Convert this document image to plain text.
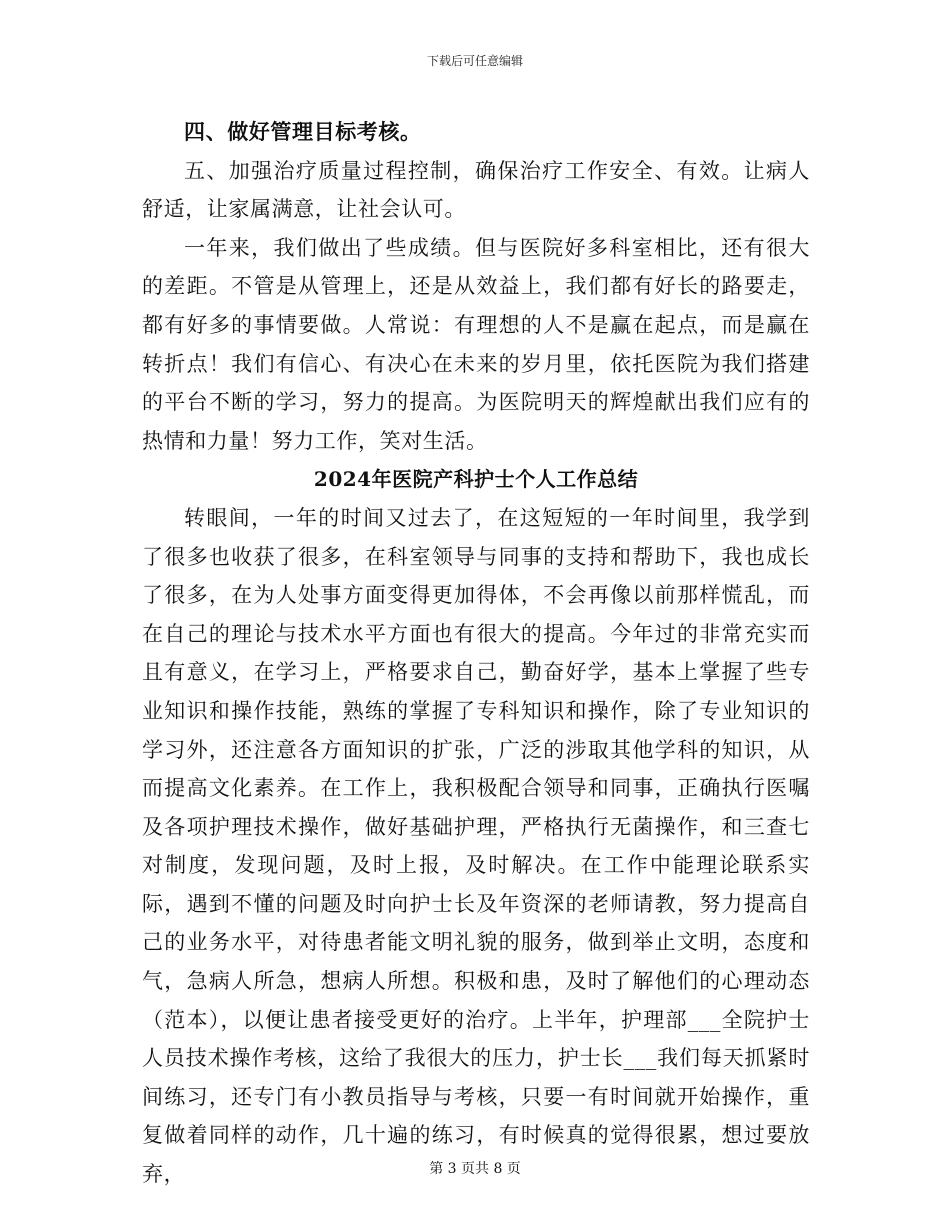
下载后可任意编辑

四、做好管理目标考核。

五、加强治疗质量过程控制，确保治疗工作安全、有效。让病人舒适，让家属满意，让社会认可。

一年来，我们做出了些成绩。但与医院好多科室相比，还有很大的差距。不管是从管理上，还是从效益上，我们都有好长的路要走，都有好多的事情要做。人常说：有理想的人不是赢在起点，而是赢在转折点！我们有信心、有决心在未来的岁月里，依托医院为我们搭建的平台不断的学习，努力的提高。为医院明天的辉煌献出我们应有的热情和力量！努力工作，笑对生活。

2024年医院产科护士个人工作总结

转眼间，一年的时间又过去了，在这短短的一年时间里，我学到了很多也收获了很多，在科室领导与同事的支持和帮助下，我也成长了很多，在为人处事方面变得更加得体，不会再像以前那样慌乱，而在自己的理论与技术水平方面也有很大的提高。今年过的非常充实而且有意义，在学习上，严格要求自己，勤奋好学，基本上掌握了些专业知识和操作技能，熟练的掌握了专科知识和操作，除了专业知识的学习外，还注意各方面知识的扩张，广泛的涉取其他学科的知识，从而提高文化素养。在工作上，我积极配合领导和同事，正确执行医嘱及各项护理技术操作，做好基础护理，严格执行无菌操作，和三查七对制度，发现问题，及时上报，及时解决。在工作中能理论联系实际，遇到不懂的问题及时向护士长及年资深的老师请教，努力提高自己的业务水平，对待患者能文明礼貌的服务，做到举止文明，态度和气，急病人所急，想病人所想。积极和患，及时了解他们的心理动态（范本），以便让患者接受更好的治疗。上半年，护理部___全院护士人员技术操作考核，这给了我很大的压力，护士长___我们每天抓紧时间练习，还专门有小教员指导与考核，只要一有时间就开始操作，重复做着同样的动作，几十遍的练习，有时候真的觉得很累，想过要放弃，	第 3 页共 8 页
